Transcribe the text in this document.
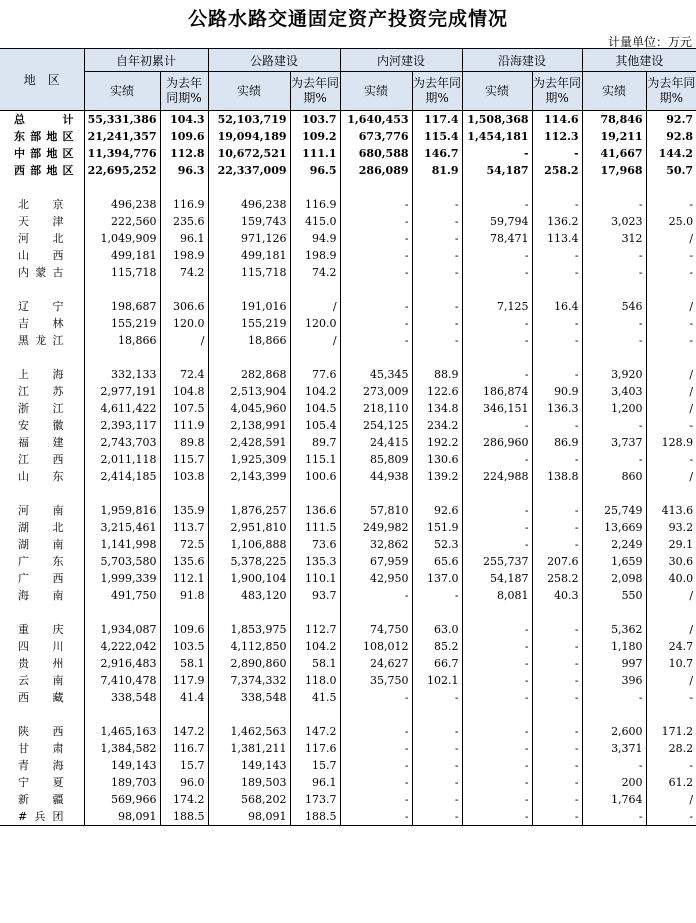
公路水路交通固定资产投资完成情况
计量单位：万元
地　区	自年初累计		公路建设		内河建设		沿海建设		其他建设	
	实绩	为去年同期%	实绩	为去年同期%	实绩	为去年同期%	实绩	为去年同期%	实绩	为去年同期%
总计	55,331,386	104.3	52,103,719	103.7	1,640,453	117.4	1,508,368	114.6	78,846	92.7
东部地区	21,241,357	109.6	19,094,189	109.2	673,776	115.4	1,454,181	112.3	19,211	92.8
中部地区	11,394,776	112.8	10,672,521	111.1	680,588	146.7	-	-	41,667	144.2
西部地区	22,695,252	96.3	22,337,009	96.5	286,089	81.9	54,187	258.2	17,968	50.7

北京	496,238	116.9	496,238	116.9	-	-	-	-	-	-
天津	222,560	235.6	159,743	415.0	-	-	59,794	136.2	3,023	25.0
河北	1,049,909	96.1	971,126	94.9	-	-	78,471	113.4	312	/
山西	499,181	198.9	499,181	198.9	-	-	-	-	-	-
内蒙古	115,718	74.2	115,718	74.2	-	-	-	-	-	-

辽宁	198,687	306.6	191,016	/	-	-	7,125	16.4	546	/
吉林	155,219	120.0	155,219	120.0	-	-	-	-	-	-
黑龙江	18,866	/	18,866	/	-	-	-	-	-	-

上海	332,133	72.4	282,868	77.6	45,345	88.9	-	-	3,920	/
江苏	2,977,191	104.8	2,513,904	104.2	273,009	122.6	186,874	90.9	3,403	/
浙江	4,611,422	107.5	4,045,960	104.5	218,110	134.8	346,151	136.3	1,200	/
安徽	2,393,117	111.9	2,138,991	105.4	254,125	234.2	-	-	-	-
福建	2,743,703	89.8	2,428,591	89.7	24,415	192.2	286,960	86.9	3,737	128.9
江西	2,011,118	115.7	1,925,309	115.1	85,809	130.6	-	-	-	-
山东	2,414,185	103.8	2,143,399	100.6	44,938	139.2	224,988	138.8	860	/

河南	1,959,816	135.9	1,876,257	136.6	57,810	92.6	-	-	25,749	413.6
湖北	3,215,461	113.7	2,951,810	111.5	249,982	151.9	-	-	13,669	93.2
湖南	1,141,998	72.5	1,106,888	73.6	32,862	52.3	-	-	2,249	29.1
广东	5,703,580	135.6	5,378,225	135.3	67,959	65.6	255,737	207.6	1,659	30.6
广西	1,999,339	112.1	1,900,104	110.1	42,950	137.0	54,187	258.2	2,098	40.0
海南	491,750	91.8	483,120	93.7	-	-	8,081	40.3	550	/

重庆	1,934,087	109.6	1,853,975	112.7	74,750	63.0	-	-	5,362	/
四川	4,222,042	103.5	4,112,850	104.2	108,012	85.2	-	-	1,180	24.7
贵州	2,916,483	58.1	2,890,860	58.1	24,627	66.7	-	-	997	10.7
云南	7,410,478	117.9	7,374,332	118.0	35,750	102.1	-	-	396	/
西藏	338,548	41.4	338,548	41.5	-	-	-	-	-	-

陕西	1,465,163	147.2	1,462,563	147.2	-	-	-	-	2,600	171.2
甘肃	1,384,582	116.7	1,381,211	117.6	-	-	-	-	3,371	28.2
青海	149,143	15.7	149,143	15.7	-	-	-	-	-	-
宁夏	189,703	96.0	189,503	96.1	-	-	-	-	200	61.2
新疆	569,966	174.2	568,202	173.7	-	-	-	-	1,764	/
#兵团	98,091	188.5	98,091	188.5	-	-	-	-	-	-
